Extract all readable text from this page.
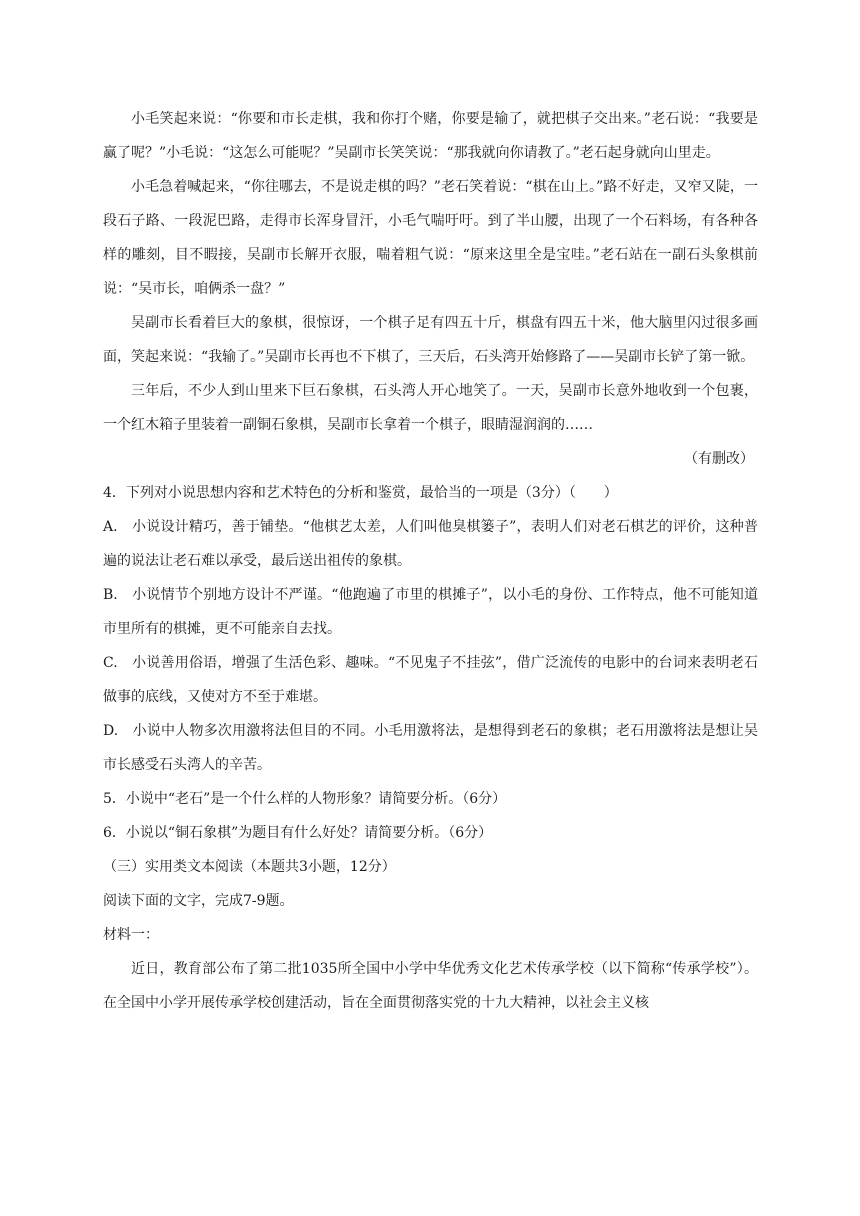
小毛笑起来说：“你要和市长走棋，我和你打个赌，你要是输了，就把棋子交出来。”老石说：“我要是赢了呢？”小毛说：“这怎么可能呢？”吴副市长笑笑说：“那我就向你请教了。”老石起身就向山里走。

小毛急着喊起来，“你往哪去，不是说走棋的吗？”老石笑着说：“棋在山上。”路不好走，又窄又陡，一段石子路、一段泥巴路，走得市长浑身冒汗，小毛气喘吁吁。到了半山腰，出现了一个石料场，有各种各样的雕刻，目不暇接，吴副市长解开衣服，喘着粗气说：“原来这里全是宝哇。”老石站在一副石头象棋前说：“吴市长，咱俩杀一盘？”

吴副市长看着巨大的象棋，很惊讶，一个棋子足有四五十斤，棋盘有四五十米，他大脑里闪过很多画面，笑起来说：“我输了。”吴副市长再也不下棋了，三天后，石头湾开始修路了——吴副市长铲了第一锨。

三年后，不少人到山里来下巨石象棋，石头湾人开心地笑了。一天，吴副市长意外地收到一个包裹，一个红木箱子里装着一副铜石象棋，吴副市长拿着一个棋子，眼睛湿润润的……

（有删改）

4．下列对小说思想内容和艺术特色的分析和鉴赏，最恰当的一项是（3分）（　　）

A.　小说设计精巧，善于铺垫。“他棋艺太差，人们叫他臭棋篓子”，表明人们对老石棋艺的评价，这种普遍的说法让老石难以承受，最后送出祖传的象棋。

B.　小说情节个别地方设计不严谨。“他跑遍了市里的棋摊子”，以小毛的身份、工作特点，他不可能知道市里所有的棋摊，更不可能亲自去找。

C.　小说善用俗语，增强了生活色彩、趣味。“不见鬼子不挂弦”，借广泛流传的电影中的台词来表明老石做事的底线，又使对方不至于难堪。

D.　小说中人物多次用激将法但目的不同。小毛用激将法，是想得到老石的象棋；老石用激将法是想让吴市长感受石头湾人的辛苦。

5．小说中“老石”是一个什么样的人物形象？请简要分析。（6分）

6．小说以“铜石象棋”为题目有什么好处？请简要分析。（6分）

（三）实用类文本阅读（本题共3小题，12分）

阅读下面的文字，完成7-9题。

材料一：

近日，教育部公布了第二批1035所全国中小学中华优秀文化艺术传承学校（以下简称“传承学校”）。在全国中小学开展传承学校创建活动，旨在全面贯彻落实党的十九大精神，以社会主义核
